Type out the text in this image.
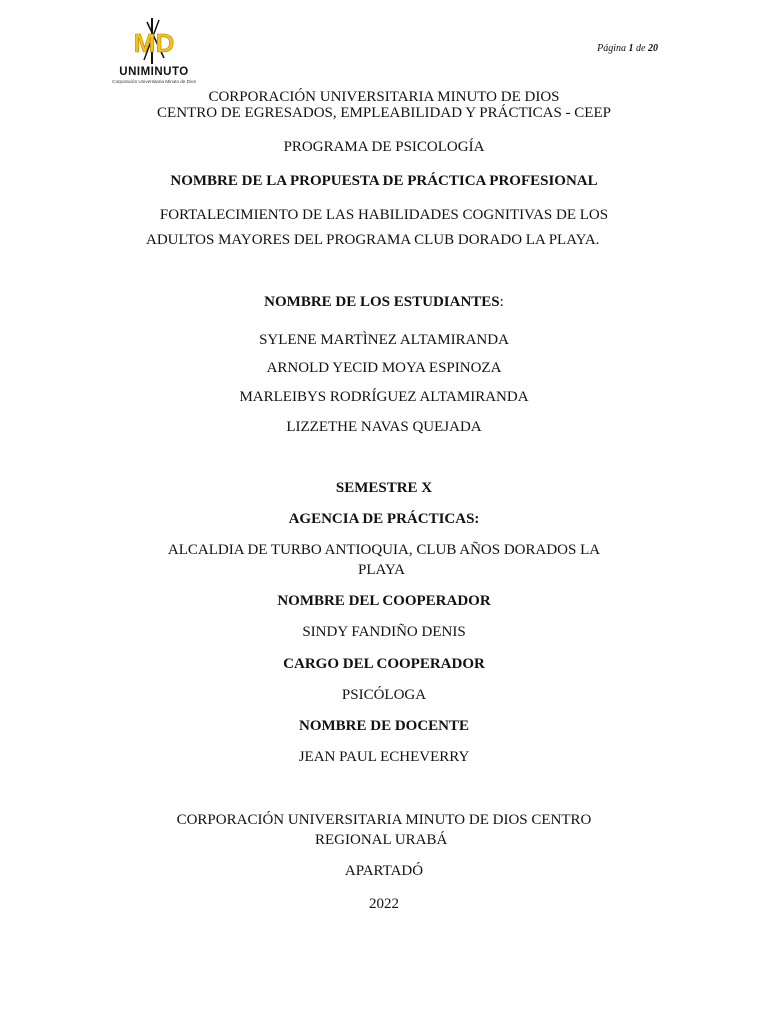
MD
UNIMINUTO
Corporación Universitaria Minuto de Dios
Página 1 de 20
CORPORACIÓN UNIVERSITARIA MINUTO DE DIOS
CENTRO DE EGRESADOS, EMPLEABILIDAD Y PRÁCTICAS - CEEP
PROGRAMA DE PSICOLOGÍA
NOMBRE DE LA PROPUESTA DE PRÁCTICA PROFESIONAL
FORTALECIMIENTO DE LAS HABILIDADES COGNITIVAS DE LOS
ADULTOS MAYORES DEL PROGRAMA CLUB DORADO LA PLAYA.
NOMBRE DE LOS ESTUDIANTES:
SYLENE MARTÌNEZ ALTAMIRANDA
ARNOLD YECID MOYA ESPINOZA
MARLEIBYS RODRÍGUEZ ALTAMIRANDA
LIZZETHE NAVAS QUEJADA
SEMESTRE X
AGENCIA DE PRÁCTICAS:
ALCALDIA DE TURBO ANTIOQUIA, CLUB AÑOS DORADOS LA
PLAYA
NOMBRE DEL COOPERADOR
SINDY FANDIÑO DENIS
CARGO DEL COOPERADOR
PSICÓLOGA
NOMBRE DE DOCENTE
JEAN PAUL ECHEVERRY
CORPORACIÓN UNIVERSITARIA MINUTO DE DIOS CENTRO
REGIONAL URABÁ
APARTADÓ
2022
